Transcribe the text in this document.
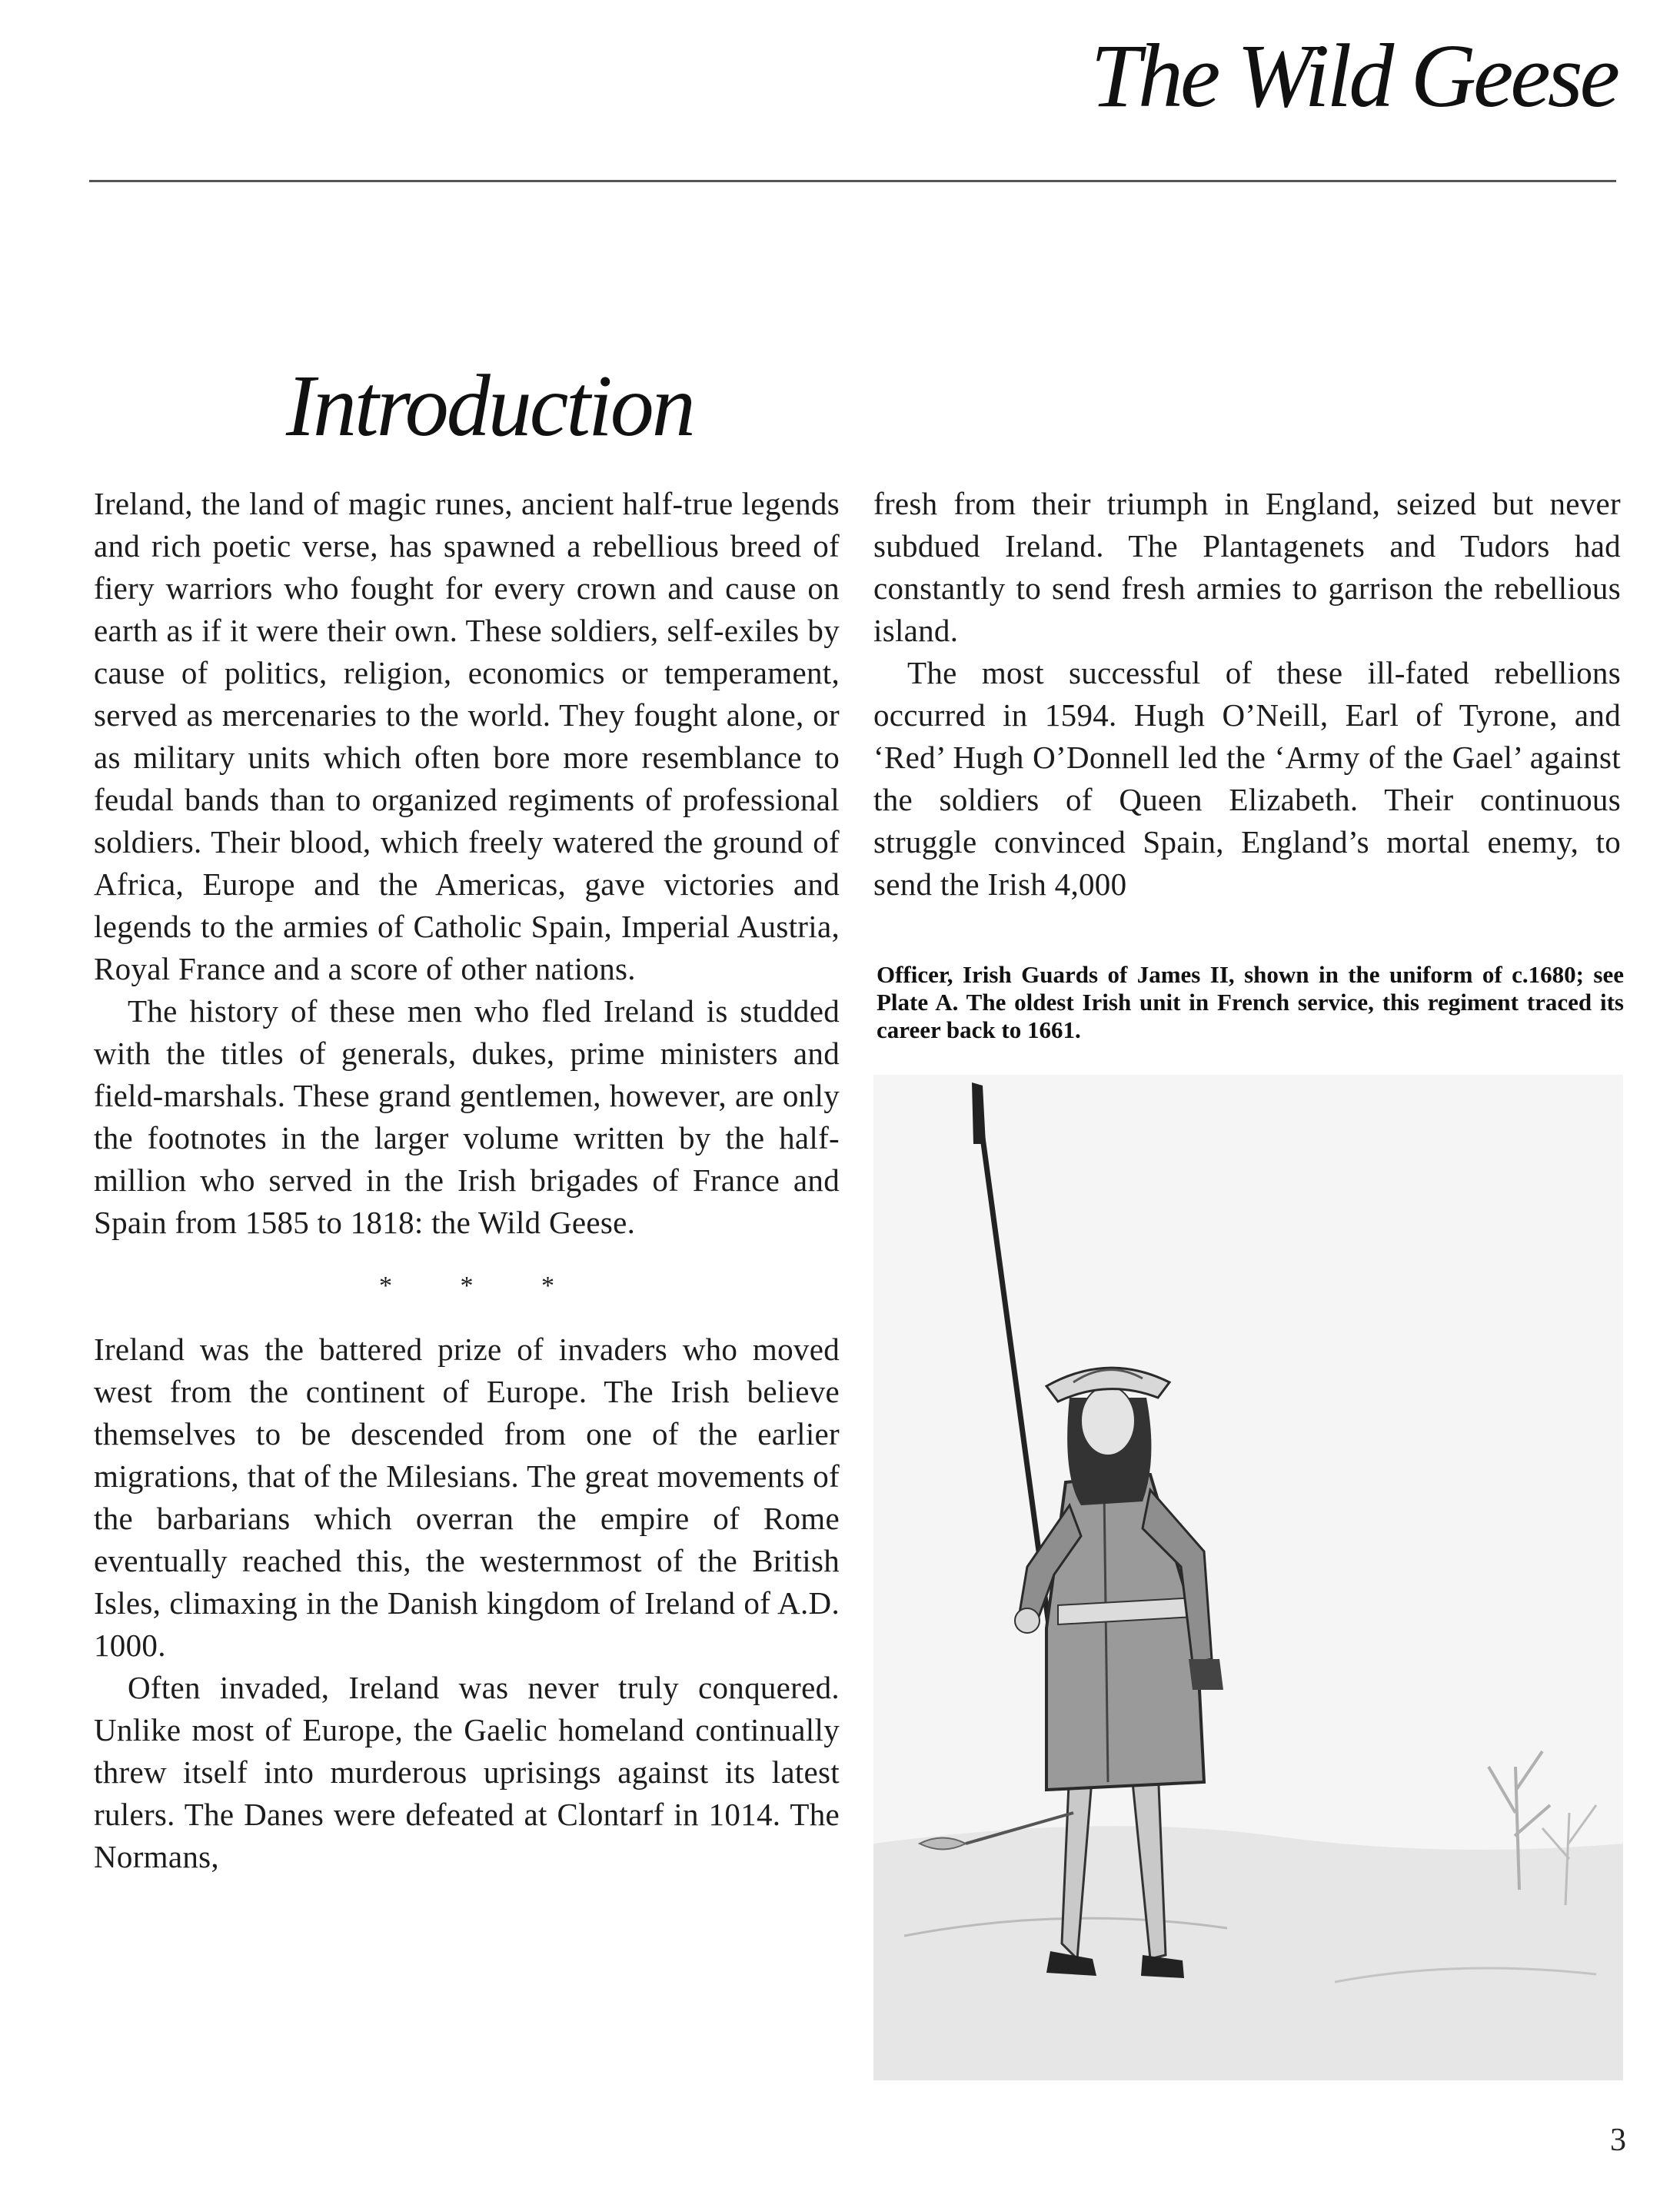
The Wild Geese
Introduction

Ireland, the land of magic runes, ancient half-true legends and rich poetic verse, has spawned a rebellious breed of fiery warriors who fought for every crown and cause on earth as if it were their own. These soldiers, self-exiles by cause of politics, religion, economics or temperament, served as mercenaries to the world. They fought alone, or as military units which often bore more resemblance to feudal bands than to organized regiments of professional soldiers. Their blood, which freely watered the ground of Africa, Europe and the Americas, gave victories and legends to the armies of Catholic Spain, Imperial Austria, Royal France and a score of other nations.

The history of these men who fled Ireland is studded with the titles of generals, dukes, prime ministers and field-marshals. These grand gentlemen, however, are only the footnotes in the larger volume written by the half-million who served in the Irish brigades of France and Spain from 1585 to 1818: the Wild Geese.

* * *

Ireland was the battered prize of invaders who moved west from the continent of Europe. The Irish believe themselves to be descended from one of the earlier migrations, that of the Milesians. The great movements of the barbarians which overran the empire of Rome eventually reached this, the westernmost of the British Isles, climaxing in the Danish kingdom of Ireland of A.D. 1000.

Often invaded, Ireland was never truly conquered. Unlike most of Europe, the Gaelic homeland continually threw itself into murderous uprisings against its latest rulers. The Danes were defeated at Clontarf in 1014. The Normans,

fresh from their triumph in England, seized but never subdued Ireland. The Plantagenets and Tudors had constantly to send fresh armies to garrison the rebellious island.

The most successful of these ill-fated rebellions occurred in 1594. Hugh O’Neill, Earl of Tyrone, and ‘Red’ Hugh O’Donnell led the ‘Army of the Gael’ against the soldiers of Queen Elizabeth. Their continuous struggle convinced Spain, England’s mortal enemy, to send the Irish 4,000

Officer, Irish Guards of James II, shown in the uniform of c.1680; see Plate A. The oldest Irish unit in French service, this regiment traced its career back to 1661.

3
